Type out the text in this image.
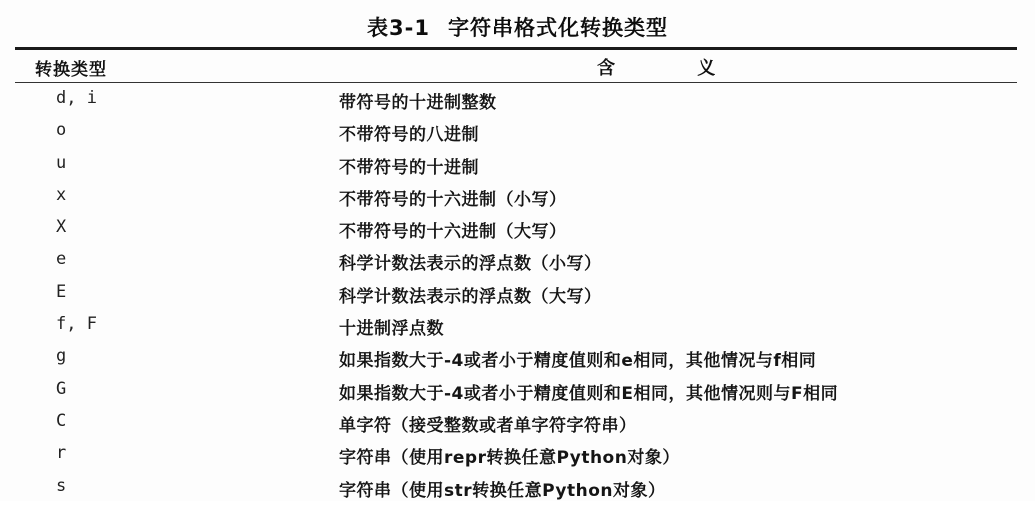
表3-1 字符串格式化转换类型
转换类型	含 义
d, i	带符号的十进制整数
o	不带符号的八进制
u	不带符号的十进制
x	不带符号的十六进制（小写）
X	不带符号的十六进制（大写）
e	科学计数法表示的浮点数（小写）
E	科学计数法表示的浮点数（大写）
f, F	十进制浮点数
g	如果指数大于-4或者小于精度值则和e相同，其他情况与f相同
G	如果指数大于-4或者小于精度值则和E相同，其他情况则与F相同
C	单字符（接受整数或者单字符字符串）
r	字符串（使用repr转换任意Python对象）
s	字符串（使用str转换任意Python对象）
